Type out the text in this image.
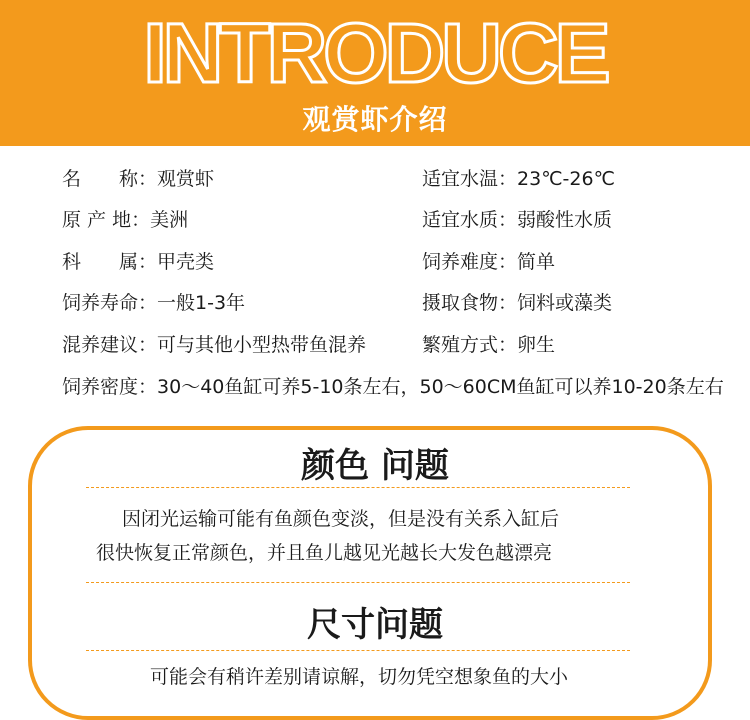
INTRODUCE
观赏虾介绍
名　　称：观赏虾
原 产 地：美洲
科　　属：甲壳类
饲养寿命：一般1-3年
混养建议：可与其他小型热带鱼混养
饲养密度：30～40鱼缸可养5-10条左右，50～60CM鱼缸可以养10-20条左右
适宜水温：23℃-26℃
适宜水质：弱酸性水质
饲养难度：简单
摄取食物：饲料或藻类
繁殖方式：卵生
颜色 问题
因闭光运输可能有鱼颜色变淡，但是没有关系入缸后
很快恢复正常颜色，并且鱼儿越见光越长大发色越漂亮
尺寸问题
可能会有稍许差别请谅解，切勿凭空想象鱼的大小
